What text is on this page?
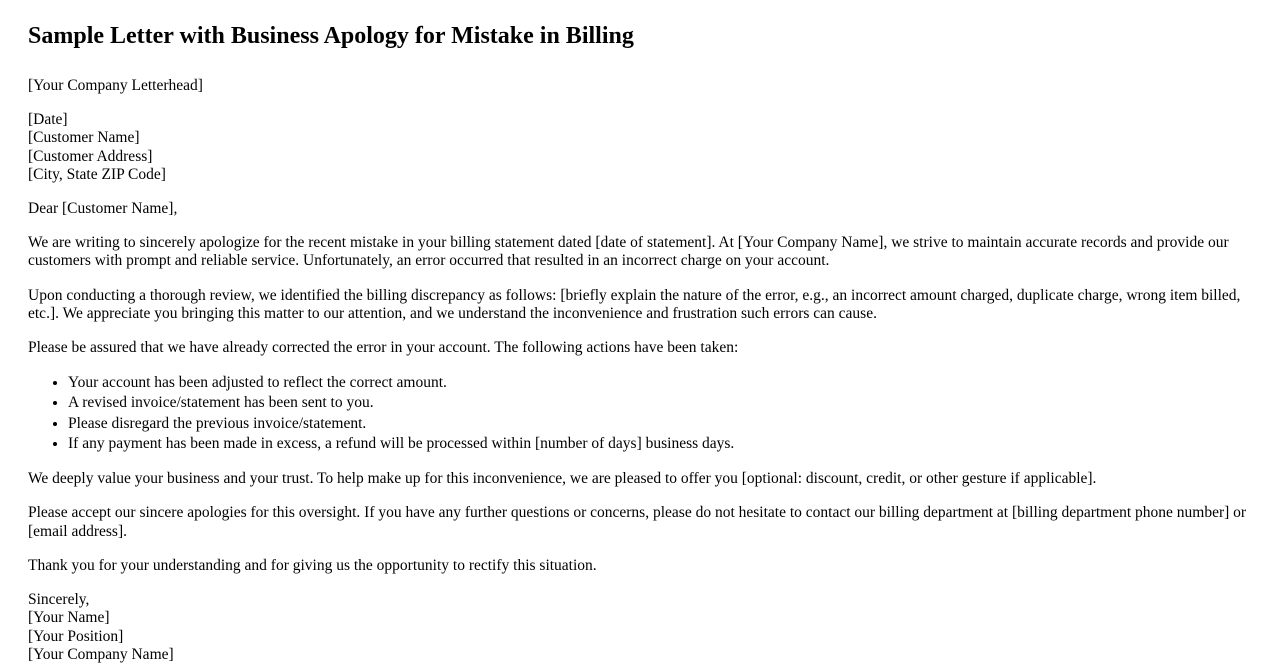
Sample Letter with Business Apology for Mistake in Billing

[Your Company Letterhead]

[Date]
[Customer Name]
[Customer Address]
[City, State ZIP Code]

Dear [Customer Name],

We are writing to sincerely apologize for the recent mistake in your billing statement dated [date of statement]. At [Your Company Name], we strive to maintain accurate records and provide our customers with prompt and reliable service. Unfortunately, an error occurred that resulted in an incorrect charge on your account.

Upon conducting a thorough review, we identified the billing discrepancy as follows: [briefly explain the nature of the error, e.g., an incorrect amount charged, duplicate charge, wrong item billed, etc.]. We appreciate you bringing this matter to our attention, and we understand the inconvenience and frustration such errors can cause.

Please be assured that we have already corrected the error in your account. The following actions have been taken:

• Your account has been adjusted to reflect the correct amount.
• A revised invoice/statement has been sent to you.
• Please disregard the previous invoice/statement.
• If any payment has been made in excess, a refund will be processed within [number of days] business days.

We deeply value your business and your trust. To help make up for this inconvenience, we are pleased to offer you [optional: discount, credit, or other gesture if applicable].

Please accept our sincere apologies for this oversight. If you have any further questions or concerns, please do not hesitate to contact our billing department at [billing department phone number] or [email address].

Thank you for your understanding and for giving us the opportunity to rectify this situation.

Sincerely,
[Your Name]
[Your Position]
[Your Company Name]
